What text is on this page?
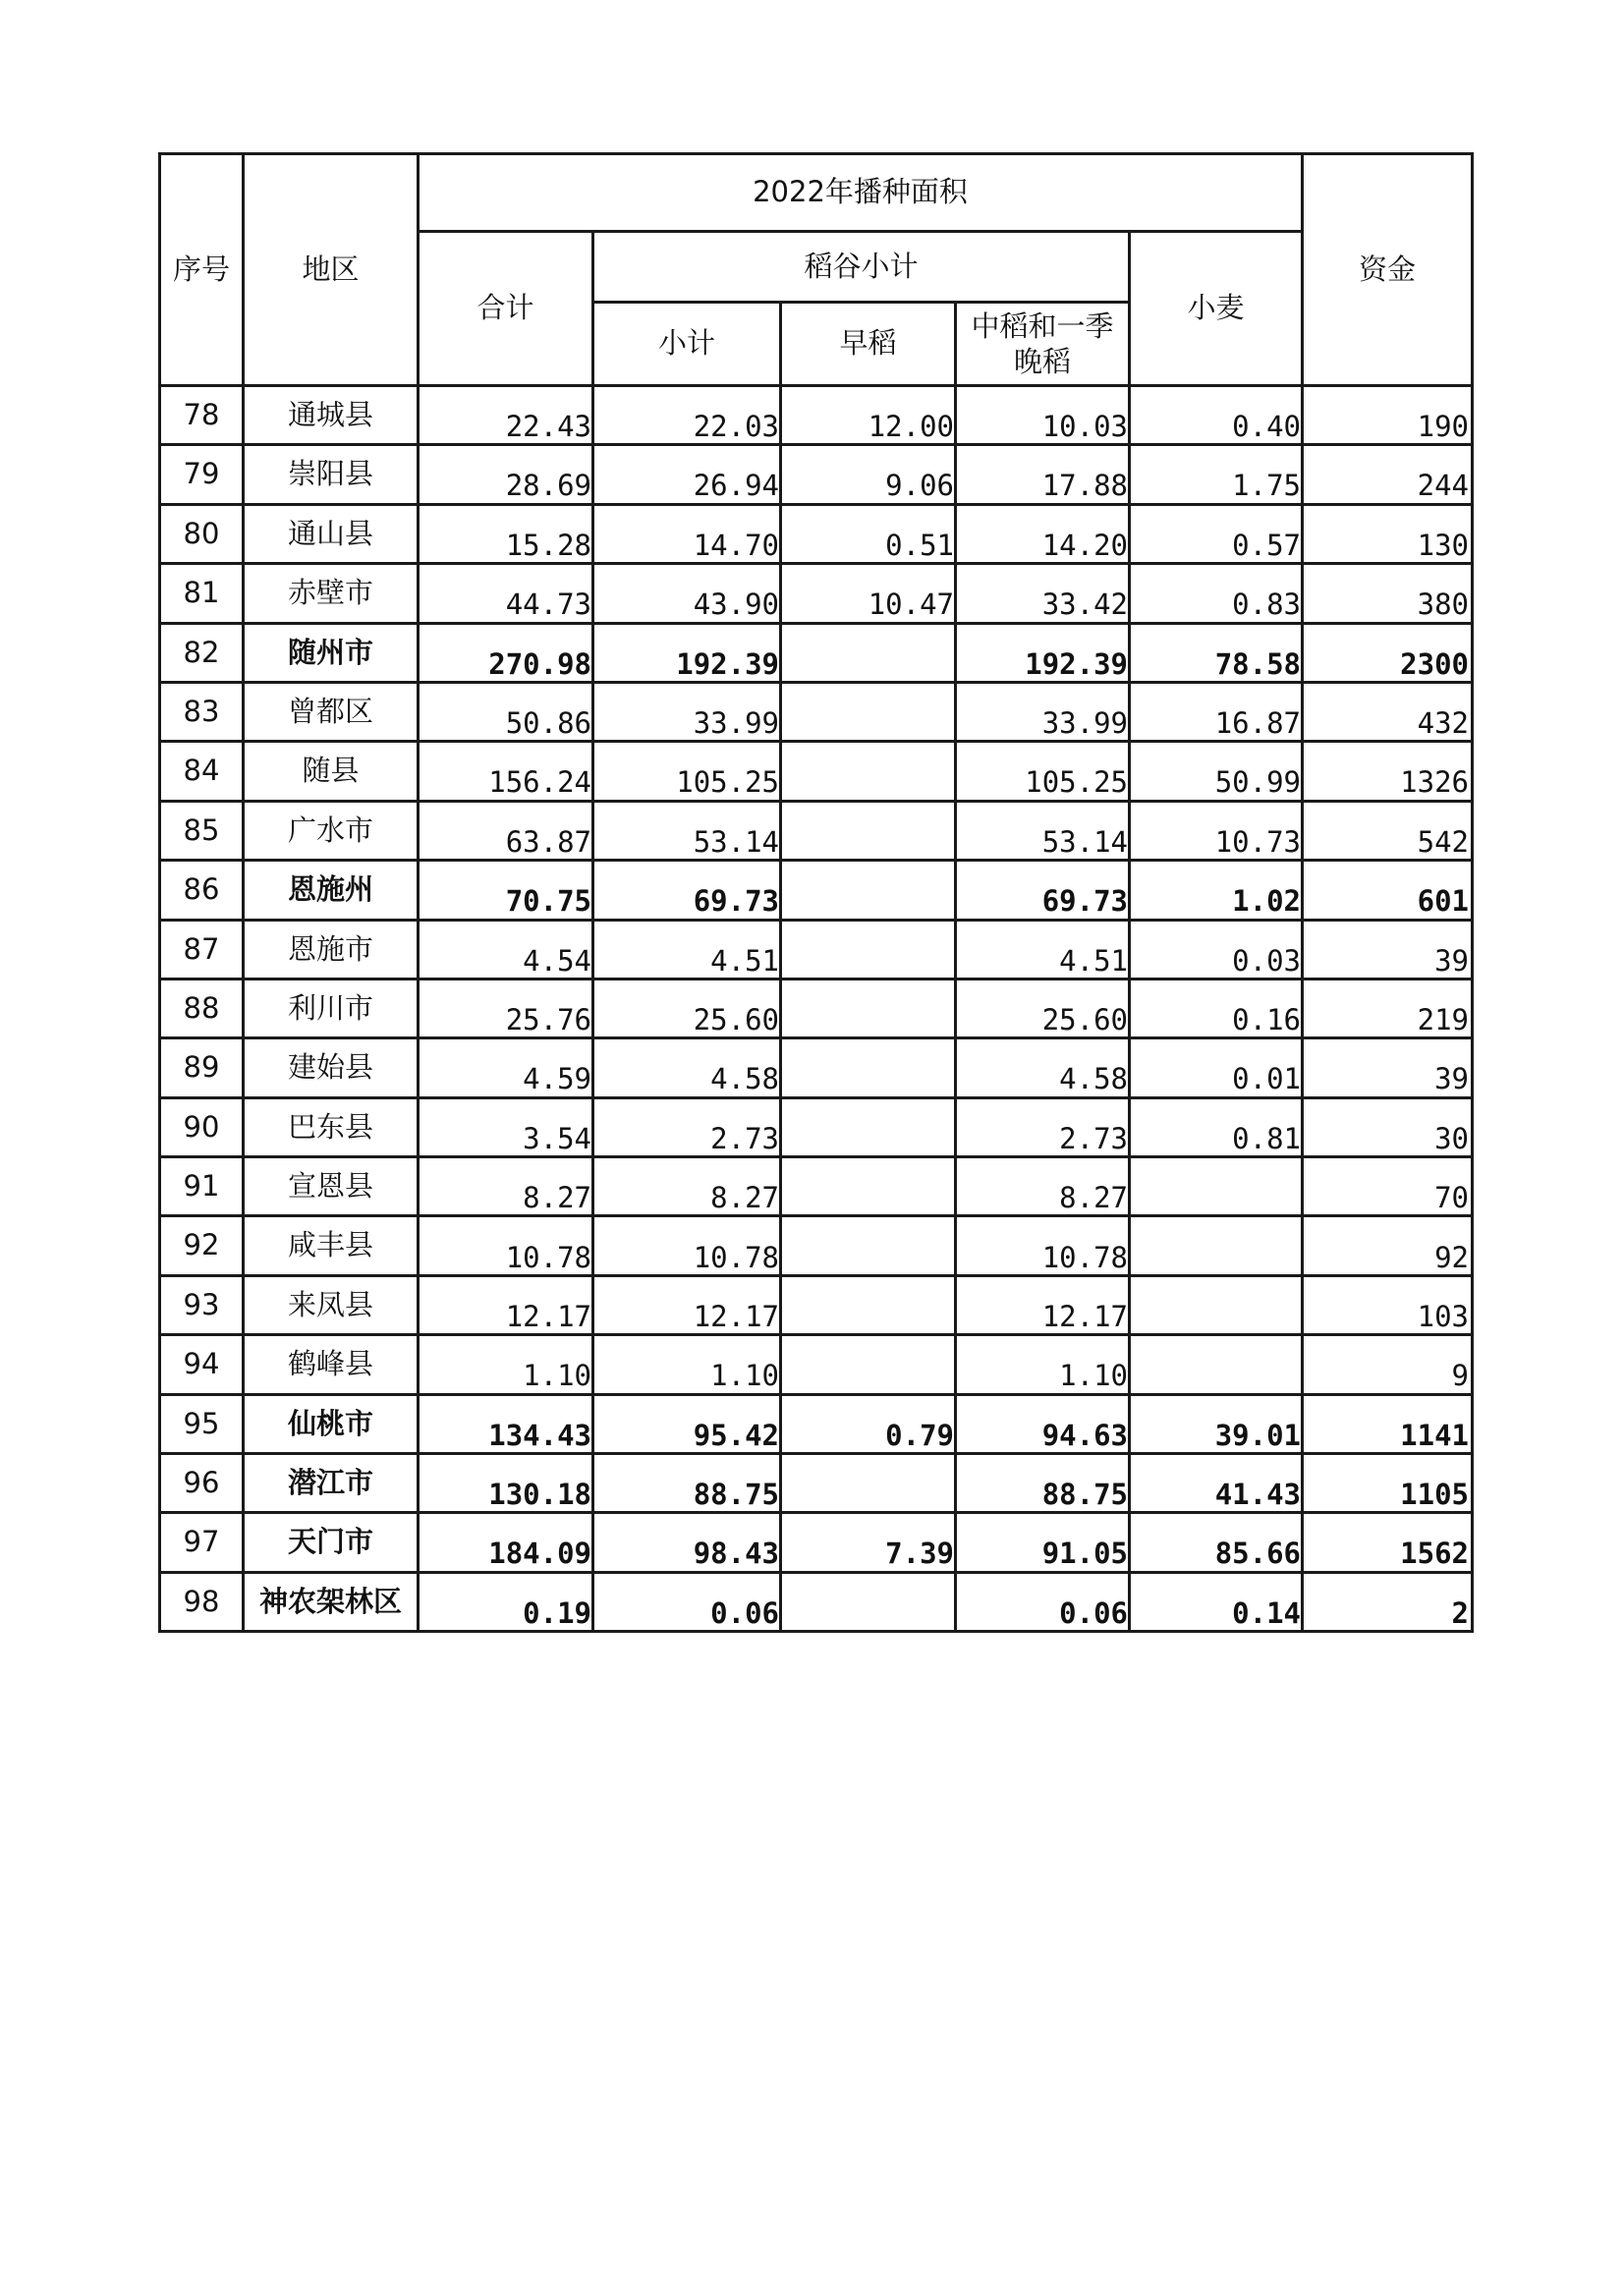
序号	地区	2022年播种面积					资金
		合计	稻谷小计			小麦	
			小计	早稻	中稻和一季晚稻		
78	通城县	22.43	22.03	12.00	10.03	0.40	190
79	崇阳县	28.69	26.94	9.06	17.88	1.75	244
80	通山县	15.28	14.70	0.51	14.20	0.57	130
81	赤壁市	44.73	43.90	10.47	33.42	0.83	380
82	随州市	270.98	192.39		192.39	78.58	2300
83	曾都区	50.86	33.99		33.99	16.87	432
84	随县	156.24	105.25		105.25	50.99	1326
85	广水市	63.87	53.14		53.14	10.73	542
86	恩施州	70.75	69.73		69.73	1.02	601
87	恩施市	4.54	4.51		4.51	0.03	39
88	利川市	25.76	25.60		25.60	0.16	219
89	建始县	4.59	4.58		4.58	0.01	39
90	巴东县	3.54	2.73		2.73	0.81	30
91	宣恩县	8.27	8.27		8.27		70
92	咸丰县	10.78	10.78		10.78		92
93	来凤县	12.17	12.17		12.17		103
94	鹤峰县	1.10	1.10		1.10		9
95	仙桃市	134.43	95.42	0.79	94.63	39.01	1141
96	潜江市	130.18	88.75		88.75	41.43	1105
97	天门市	184.09	98.43	7.39	91.05	85.66	1562
98	神农架林区	0.19	0.06		0.06	0.14	2
